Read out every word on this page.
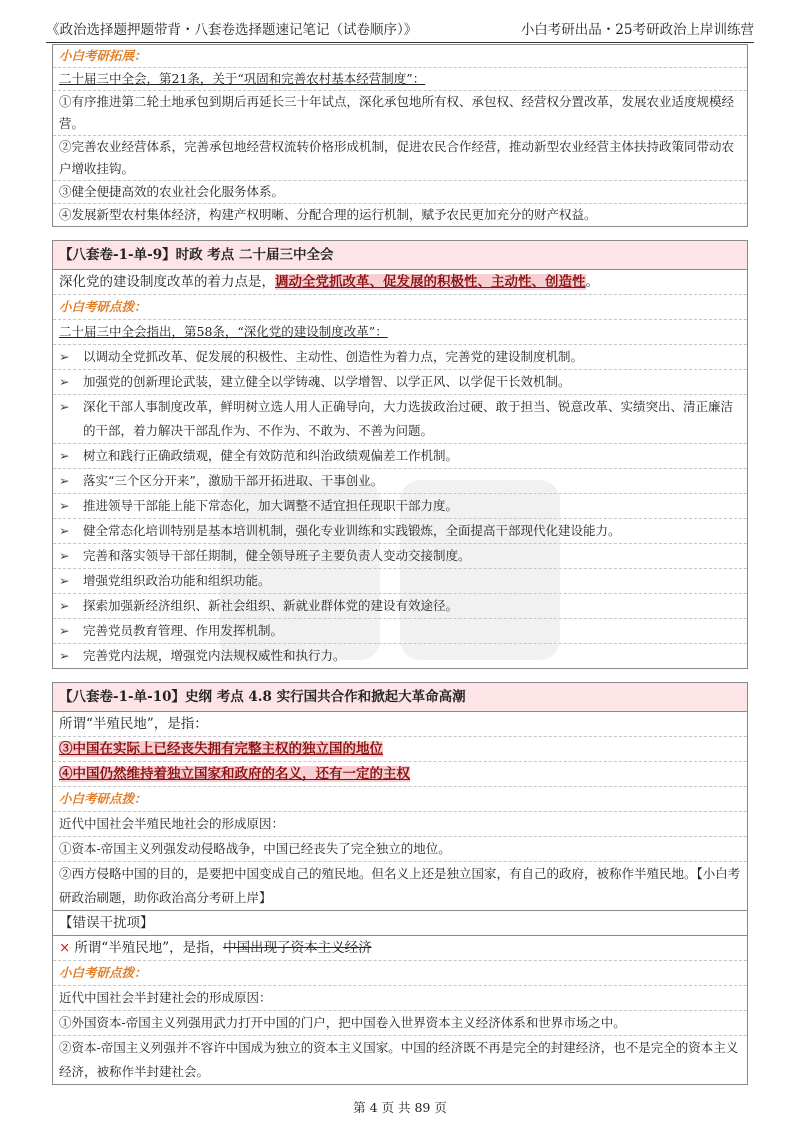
《政治选择题押题带背・八套卷选择题速记笔记（试卷顺序）》	小白考研出品・25考研政治上岸训练营
小白考研拓展：
二十届三中全会，第21条，关于“巩固和完善农村基本经营制度”：
①有序推进第二轮土地承包到期后再延长三十年试点，深化承包地所有权、承包权、经营权分置改革，发展农业适度规模经营。
②完善农业经营体系，完善承包地经营权流转价格形成机制，促进农民合作经营，推动新型农业经营主体扶持政策同带动农户增收挂钩。
③健全便捷高效的农业社会化服务体系。
④发展新型农村集体经济，构建产权明晰、分配合理的运行机制，赋予农民更加充分的财产权益。
【八套卷-1-单-9】时政 考点 二十届三中全会
深化党的建设制度改革的着力点是，调动全党抓改革、促发展的积极性、主动性、创造性。
小白考研点拨：
二十届三中全会指出，第58条，“深化党的建设制度改革”：
➢ 以调动全党抓改革、促发展的积极性、主动性、创造性为着力点，完善党的建设制度机制。
➢ 加强党的创新理论武装，建立健全以学铸魂、以学增智、以学正风、以学促干长效机制。
➢ 深化干部人事制度改革，鲜明树立选人用人正确导向，大力选拔政治过硬、敢于担当、锐意改革、实绩突出、清正廉洁的干部，着力解决干部乱作为、不作为、不敢为、不善为问题。
➢ 树立和践行正确政绩观，健全有效防范和纠治政绩观偏差工作机制。
➢ 落实“三个区分开来”，激励干部开拓进取、干事创业。
➢ 推进领导干部能上能下常态化，加大调整不适宜担任现职干部力度。
➢ 健全常态化培训特别是基本培训机制，强化专业训练和实践锻炼，全面提高干部现代化建设能力。
➢ 完善和落实领导干部任期制，健全领导班子主要负责人变动交接制度。
➢ 增强党组织政治功能和组织功能。
➢ 探索加强新经济组织、新社会组织、新就业群体党的建设有效途径。
➢ 完善党员教育管理、作用发挥机制。
➢ 完善党内法规，增强党内法规权威性和执行力。
【八套卷-1-单-10】史纲 考点 4.8 实行国共合作和掀起大革命高潮
所谓“半殖民地”，是指：
③中国在实际上已经丧失拥有完整主权的独立国的地位
④中国仍然维持着独立国家和政府的名义，还有一定的主权
小白考研点拨：
近代中国社会半殖民地社会的形成原因：
①资本-帝国主义列强发动侵略战争，中国已经丧失了完全独立的地位。
②西方侵略中国的目的，是要把中国变成自己的殖民地。但名义上还是独立国家，有自己的政府，被称作半殖民地。【小白考研政治刷题，助你政治高分考研上岸】
【错误干扰项】
× 所谓“半殖民地”，是指，中国出现了资本主义经济
小白考研点拨：
近代中国社会半封建社会的形成原因：
①外国资本-帝国主义列强用武力打开中国的门户，把中国卷入世界资本主义经济体系和世界市场之中。
②资本-帝国主义列强并不容许中国成为独立的资本主义国家。中国的经济既不再是完全的封建经济，也不是完全的资本主义经济，被称作半封建社会。
第 4 页 共 89 页
